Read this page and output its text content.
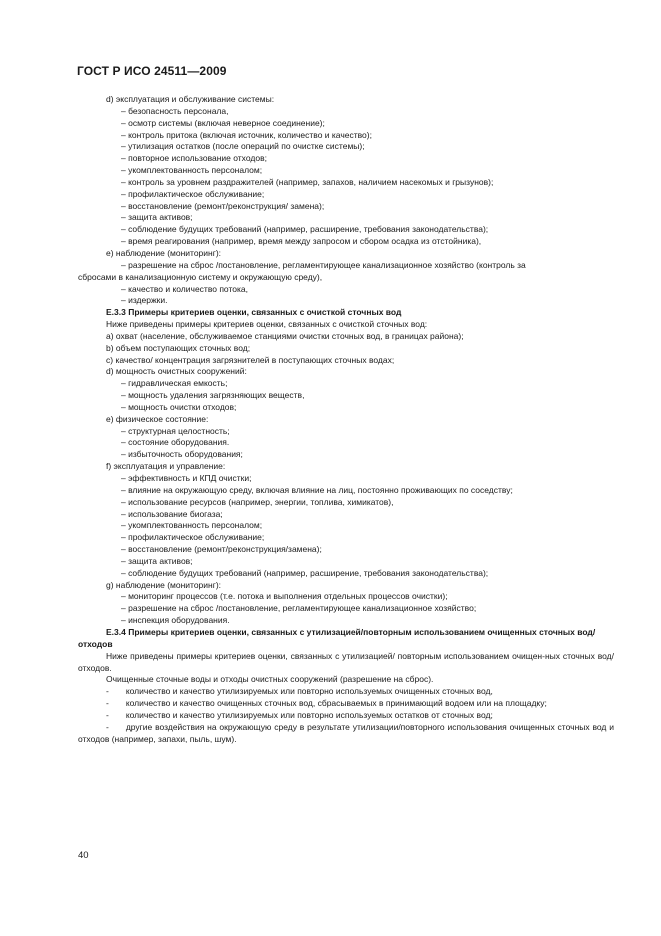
ГОСТ Р ИСО 24511—2009
d) эксплуатация и обслуживание системы:
– безопасность персонала,
– осмотр системы (включая неверное соединение);
– контроль притока (включая источник, количество и качество);
– утилизация остатков (после операций по очистке системы);
– повторное использование отходов;
– укомплектованность персоналом;
– контроль за уровнем раздражителей (например, запахов, наличием насекомых и грызунов);
– профилактическое обслуживание;
– восстановление (ремонт/реконструкция/ замена);
– защита активов;
– соблюдение будущих требований (например, расширение, требования законодательства);
– время реагирования (например, время между запросом и сбором осадка из отстойника),
e) наблюдение (мониторинг):
– разрешение на сброс /постановление, регламентирующее канализационное хозяйство (контроль за
сбросами в канализационную систему и окружающую среду),
– качество и количество потока,
– издержки.
Е.3.3 Примеры критериев оценки, связанных с очисткой сточных вод
Ниже приведены примеры критериев оценки, связанных с очисткой сточных вод:
a) охват (население, обслуживаемое станциями очистки сточных вод, в границах района);
b) объем поступающих сточных вод;
c) качество/ концентрация загрязнителей в поступающих сточных водах;
d) мощность очистных сооружений:
– гидравлическая емкость;
– мощность удаления загрязняющих веществ,
– мощность очистки отходов;
e) физическое состояние:
– структурная целостность;
– состояние оборудования.
– избыточность оборудования;
f) эксплуатация и управление:
– эффективность и КПД очистки;
– влияние на окружающую среду, включая влияние на лиц, постоянно проживающих по соседству;
– использование ресурсов (например, энергии, топлива, химикатов),
– использование биогаза;
– укомплектованность персоналом;
– профилактическое обслуживание;
– восстановление (ремонт/реконструкция/замена);
– защита активов;
– соблюдение будущих требований (например, расширение, требования законодательства);
g) наблюдение (мониторинг):
– мониторинг процессов (т.е. потока и выполнения отдельных процессов очистки);
– разрешение на сброс /постановление, регламентирующее канализационное хозяйство;
– инспекция оборудования.
Е.3.4 Примеры критериев оценки, связанных с утилизацией/повторным использованием очищенных сточных вод/отходов
Ниже приведены примеры критериев оценки, связанных с утилизацией/ повторным использованием очищен-ных сточных вод/ отходов.
Очищенные сточные воды и отходы очистных сооружений (разрешение на сброс).
-  количество и качество утилизируемых или повторно используемых очищенных сточных вод,
-  количество и качество очищенных сточных вод, сбрасываемых в принимающий водоем или на площадку;
-  количество и качество утилизируемых или повторно используемых остатков от сточных вод;
-  другие воздействия на окружающую среду в результате утилизации/повторного использования очищенных сточных вод и отходов (например, запахи, пыль, шум).
40
